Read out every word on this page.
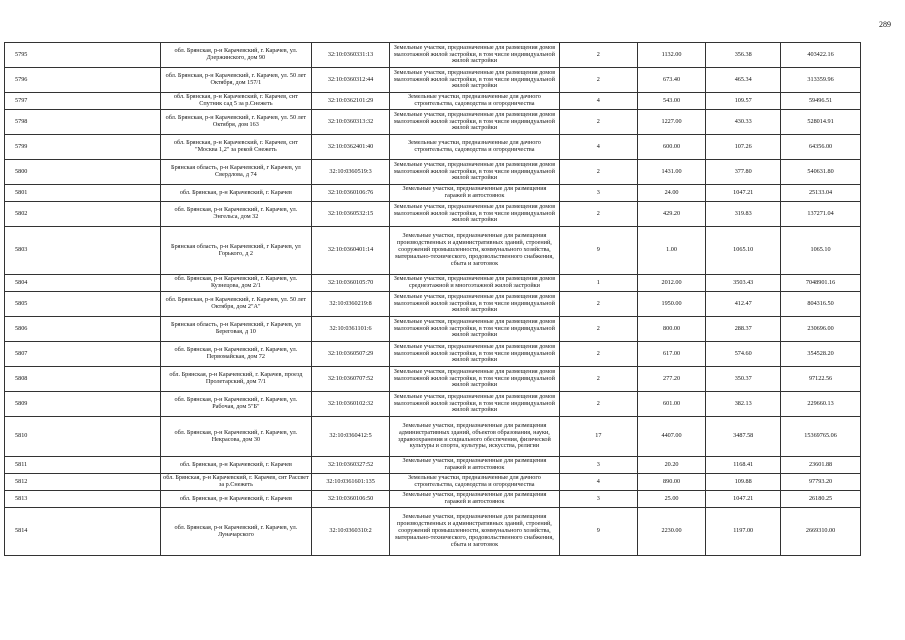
289
5795	обл. Брянская, р-н Карачевский, г. Карачев, ул. Дзержинского, дом 90	32:10:0360331:13	Земельные участки, предназначенные для размещения домов малоэтажной жилой застройки, в том числе индивидуальной жилой застройки	2	1132.00	356.38	403422.16
5796	обл. Брянская, р-н Карачевский, г. Карачев, ул. 50 лет Октября, дом 157/1	32:10:0360312:44	Земельные участки, предназначенные для размещения домов малоэтажной жилой застройки, в том числе индивидуальной жилой застройки	2	673.40	465.34	313359.96
5797	обл. Брянская, р-н Карачевский, г. Карачев, снт Спутник сад 5 за р.Снежеть	32:10:0362101:29	Земельные участки, предназначенные для дачного строительства, садоводства и огородничества	4	543.00	109.57	59496.51
5798	обл. Брянская, р-н Карачевский, г. Карачев, ул. 50 лет Октября, дом 163	32:10:0360313:32	Земельные участки, предназначенные для размещения домов малоэтажной жилой застройки, в том числе индивидуальной жилой застройки	2	1227.00	430.33	528014.91
5799	обл. Брянская, р-н Карачевский, г. Карачев, снт "Москва 1,2" за рекой Снежеть	32:10:0362401:40	Земельные участки, предназначенные для дачного строительства, садоводства и огородничества	4	600.00	107.26	64356.00
5800	Брянская область, р-н Карачевский, г Карачев, ул Свердлова, д 74	32:10:0360519:3	Земельные участки, предназначенные для размещения домов малоэтажной жилой застройки, в том числе индивидуальной жилой застройки	2	1431.00	377.80	540631.80
5801	обл. Брянская, р-н Карачевский, г. Карачев	32:10:0360106:76	Земельные участки, предназначенные для размещения гаражей и автостоянок	3	24.00	1047.21	25133.04
5802	обл. Брянская, р-н Карачевский, г. Карачев, ул. Энгельса, дом 32	32:10:0360532:15	Земельные участки, предназначенные для размещения домов малоэтажной жилой застройки, в том числе индивидуальной жилой застройки	2	429.20	319.83	137271.04
5803	Брянская область, р-н Карачевский, г Карачев, ул Горького, д 2	32:10:0360401:14	Земельные участки, предназначенные для размещения производственных и административных зданий, строений, сооружений промышленности, коммунального хозяйства, материально-технического, продовольственного снабжения, сбыта и заготовок	9	1.00	1065.10	1065.10
5804	обл. Брянская, р-н Карачевский, г. Карачев, ул. Кузнецова, дом 2/1	32:10:0360105:70	Земельные участки, предназначенные для размещения домов среднеэтажной и многоэтажной жилой застройки	1	2012.00	3503.43	7048901.16
5805	обл. Брянская, р-н Карачевский, г. Карачев, ул. 50 лет Октября, дом 2"А"	32:10:0360219:8	Земельные участки, предназначенные для размещения домов малоэтажной жилой застройки, в том числе индивидуальной жилой застройки	2	1950.00	412.47	804316.50
5806	Брянская область, р-н Карачевский, г Карачев, ул Береговая, д 10	32:10:0361101:6	Земельные участки, предназначенные для размещения домов малоэтажной жилой застройки, в том числе индивидуальной жилой застройки	2	800.00	288.37	230696.00
5807	обл. Брянская, р-н Карачевский, г. Карачев, ул. Первомайская, дом 72	32:10:0360507:29	Земельные участки, предназначенные для размещения домов малоэтажной жилой застройки, в том числе индивидуальной жилой застройки	2	617.00	574.60	354528.20
5808	обл. Брянская, р-н Карачевский, г. Карачев, проезд Пролетарский, дом 7/1	32:10:0360707:52	Земельные участки, предназначенные для размещения домов малоэтажной жилой застройки, в том числе индивидуальной жилой застройки	2	277.20	350.37	97122.56
5809	обл. Брянская, р-н Карачевский, г. Карачев, ул. Рабочая, дом 5"Б"	32:10:0360102:32	Земельные участки, предназначенные для размещения домов малоэтажной жилой застройки, в том числе индивидуальной жилой застройки	2	601.00	382.13	229660.13
5810	обл. Брянская, р-н Карачевский, г. Карачев, ул. Некрасова, дом 30	32:10:0360412:5	Земельные участки, предназначенные для размещения административных зданий, объектов образования, науки, здравоохранения и социального обеспечения, физической культуры и спорта, культуры, искусства, религии	17	4407.00	3487.58	15369765.06
5811	обл. Брянская, р-н Карачевский, г. Карачев	32:10:0360327:52	Земельные участки, предназначенные для размещения гаражей и автостоянок	3	20.20	1168.41	23601.88
5812	обл. Брянская, р-н Карачевский, г. Карачев, снт Рассвет за р.Снежеть	32:10:0361601:135	Земельные участки, предназначенные для дачного строительства, садоводства и огородничества	4	890.00	109.88	97793.20
5813	обл. Брянская, р-н Карачевский, г. Карачев	32:10:0360106:50	Земельные участки, предназначенные для размещения гаражей и автостоянок	3	25.00	1047.21	26180.25
5814	обл. Брянская, р-н Карачевский, г. Карачев, ул. Луначарского	32:10:0360310:2	Земельные участки, предназначенные для размещения производственных и административных зданий, строений, сооружений промышленности, коммунального хозяйства, материально-технического, продовольственного снабжения, сбыта и заготовок	9	2230.00	1197.00	2669310.00
